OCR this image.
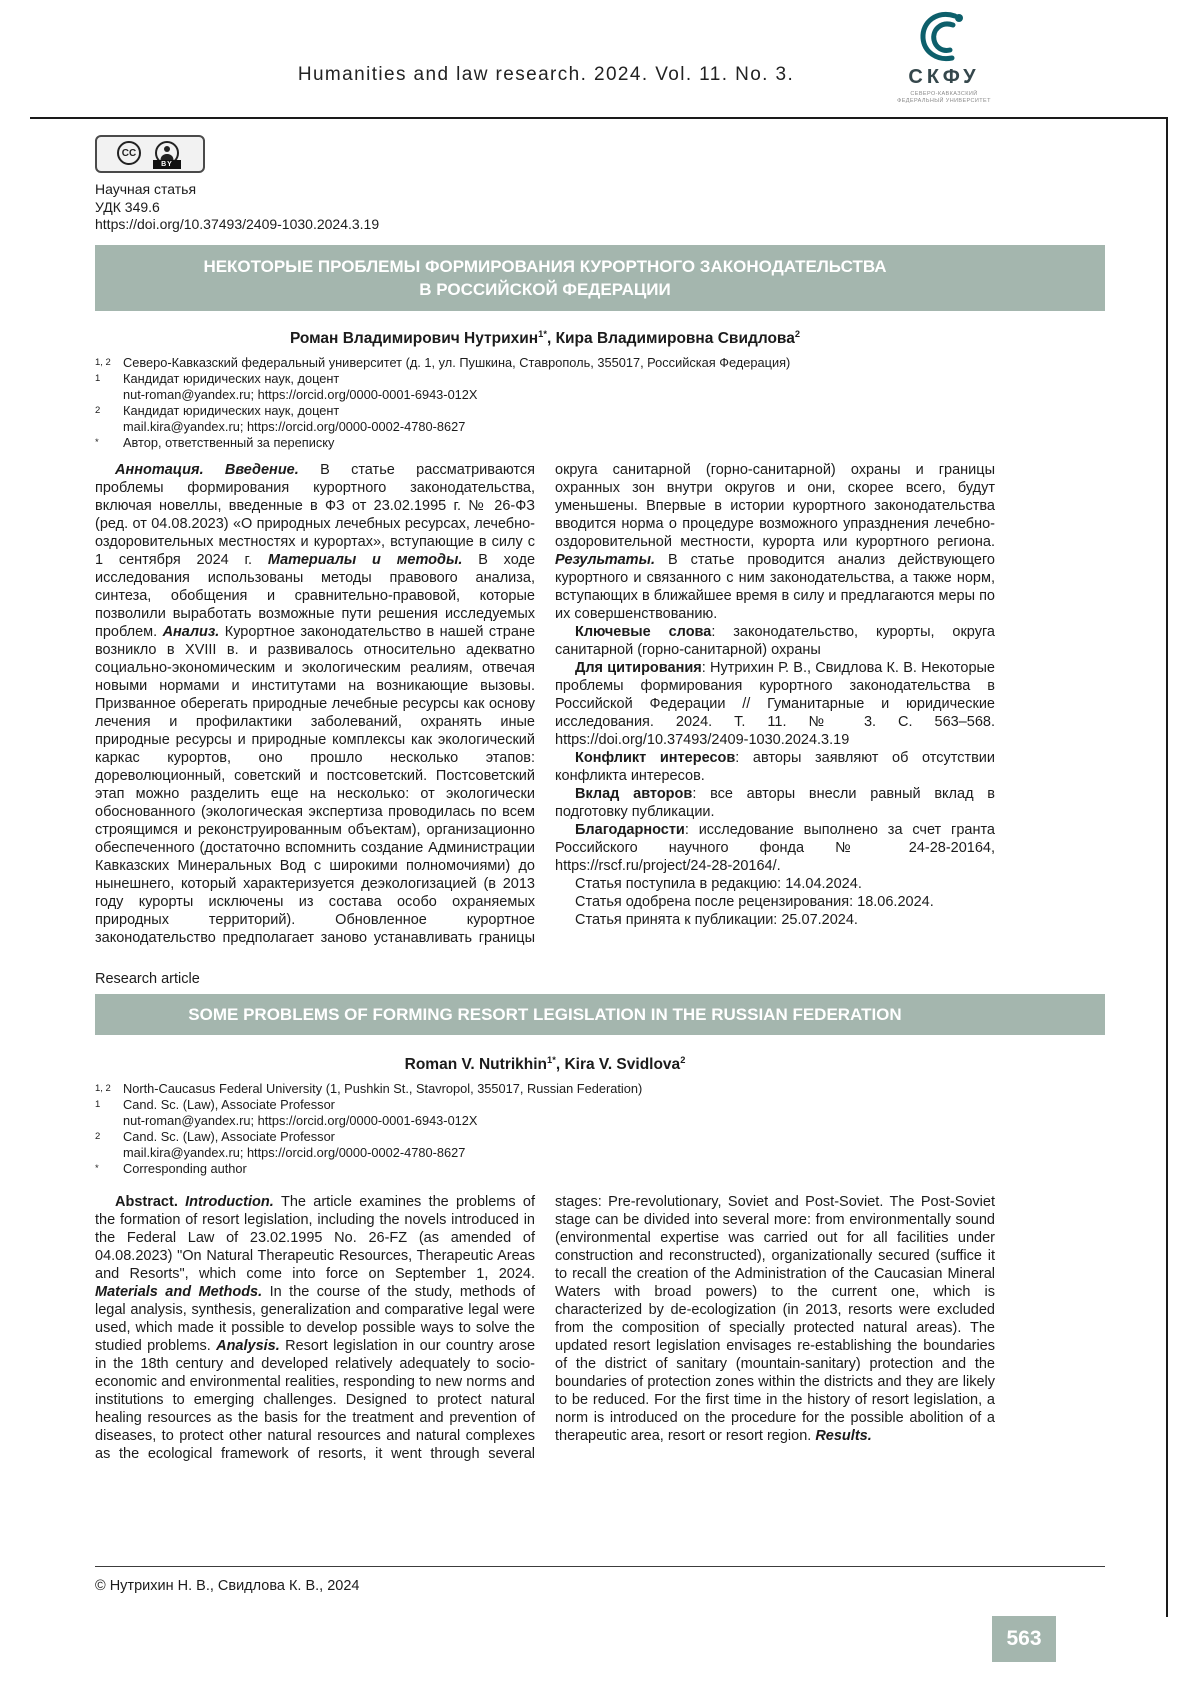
Humanities and law research. 2024. Vol. 11. No. 3.	СКФУ
СЕВЕРО-КАВКАЗСКИЙ
ФЕДЕРАЛЬНЫЙ УНИВЕРСИТЕТ
CC
BY
Научная статья
УДК 349.6
https://doi.org/10.37493/2409-1030.2024.3.19
НЕКОТОРЫЕ ПРОБЛЕМЫ ФОРМИРОВАНИЯ КУРОРТНОГО ЗАКОНОДАТЕЛЬСТВА
В РОССИЙСКОЙ ФЕДЕРАЦИИ
Роман Владимирович Нутрихин$^{1*}$, Кира Владимировна Свидлова$^2$
1, 2 Северо-Кавказский федеральный университет (д. 1, ул. Пушкина, Ставрополь, 355017, Российская Федерация)
1	Кандидат юридических наук, доцент
nut-roman@yandex.ru; https://orcid.org/0000-0001-6943-012X
2	Кандидат юридических наук, доцент
mail.kira@yandex.ru; https://orcid.org/0000-0002-4780-8627
*	Автор, ответственный за переписку

Аннотация. Введение. В статье рассматриваются проблемы формирования курортного законодательства, включая новеллы, введенные в ФЗ от 23.02.1995 г. № 26-ФЗ (ред. от 04.08.2023) «О природных лечебных ресурсах, лечебно-оздоровительных местностях и курортах», вступающие в силу с 1 сентября 2024 г. Материалы и методы. В ходе исследования использованы методы правового анализа, синтеза, обобщения и сравнительно-правовой, которые позволили выработать возможные пути решения исследуемых проблем. Анализ. Курортное законодательство в нашей стране возникло в XVIII в. и развивалось относительно адекватно социально-экономическим и экологическим реалиям, отвечая новыми нормами и институтами на возникающие вызовы. Призванное оберегать природные лечебные ресурсы как основу лечения и профилактики заболеваний, охранять иные природные ресурсы и природные комплексы как экологический каркас курортов, оно прошло несколько этапов: дореволюционный, советский и постсоветский. Постсоветский этап можно разделить еще на несколько: от экологически обоснованного (экологическая экспертиза проводилась по всем строящимся и реконструированным объектам), организационно обеспеченного (достаточно вспомнить создание Администрации Кавказских Минеральных Вод с широкими полномочиями) до нынешнего, который характеризуется деэкологизацией (в 2013 году курорты исключены из состава особо охраняемых природных территорий). Обновленное курортное законодательство предполагает заново устанавливать границы округа санитарной (горно-санитарной) охраны и границы охранных зон внутри округов и они, скорее всего, будут уменьшены. Впервые в истории курортного законодательства вводится норма о процедуре возможного упразднения лечебно-оздоровительной местности, курорта или курортного региона. Результаты. В статье проводится анализ действующего курортного и связанного с ним законодательства, а также норм, вступающих в ближайшее время в силу и предлагаются меры по их совершенствованию.

Ключевые слова: законодательство, курорты, округа санитарной (горно-санитарной) охраны

Для цитирования: Нутрихин Р. В., Свидлова К. В. Некоторые проблемы формирования курортного законодательства в Российской Федерации // Гуманитарные и юридические исследования. 2024. Т. 11. № 3. С. 563–568. https://doi.org/10.37493/2409-1030.2024.3.19

Конфликт интересов: авторы заявляют об отсутствии конфликта интересов.

Вклад авторов: все авторы внесли равный вклад в подготовку публикации.

Благодарности: исследование выполнено за счет гранта Российского научного фонда № 24-28-20164, https://rscf.ru/project/24-28-20164/.

Статья поступила в редакцию: 14.04.2024.

Статья одобрена после рецензирования: 18.06.2024.

Статья принята к публикации: 25.07.2024.

Research article
SOME PROBLEMS OF FORMING RESORT LEGISLATION IN THE RUSSIAN FEDERATION
Roman V. Nutrikhin$^{1*}$, Kira V. Svidlova$^2$
1, 2 North-Caucasus Federal University (1, Pushkin St., Stavropol, 355017, Russian Federation)
1	Cand. Sc. (Law), Associate Professor
nut-roman@yandex.ru; https://orcid.org/0000-0001-6943-012X
2	Cand. Sc. (Law), Associate Professor
mail.kira@yandex.ru; https://orcid.org/0000-0002-4780-8627
*	Corresponding author

Abstract. Introduction. The article examines the problems of the formation of resort legislation, including the novels introduced in the Federal Law of 23.02.1995 No. 26-FZ (as amended of 04.08.2023) "On Natural Therapeutic Resources, Therapeutic Areas and Resorts", which come into force on September 1, 2024. Materials and Methods. In the course of the study, methods of legal analysis, synthesis, generalization and comparative legal were used, which made it possible to develop possible ways to solve the studied problems. Analysis. Resort legislation in our country arose in the 18th century and developed relatively adequately to socio-economic and environmental realities, responding to new norms and institutions to emerging challenges. Designed to protect natural healing resources as the basis for the treatment and prevention of diseases, to protect other natural resources and natural complexes as the ecological framework of resorts, it went through several stages: Pre-revolutionary, Soviet and Post-Soviet. The Post-Soviet stage can be divided into several more: from environmentally sound (environmental expertise was carried out for all facilities under construction and reconstructed), organizationally secured (suffice it to recall the creation of the Administration of the Caucasian Mineral Waters with broad powers) to the current one, which is characterized by de-ecologization (in 2013, resorts were excluded from the composition of specially protected natural areas). The updated resort legislation envisages re-establishing the boundaries of the district of sanitary (mountain-sanitary) protection and the boundaries of protection zones within the districts and they are likely to be reduced. For the first time in the history of resort legislation, a norm is introduced on the procedure for the possible abolition of a therapeutic area, resort or resort region. Results.

© Нутрихин Н. В., Свидлова К. В., 2024
563
